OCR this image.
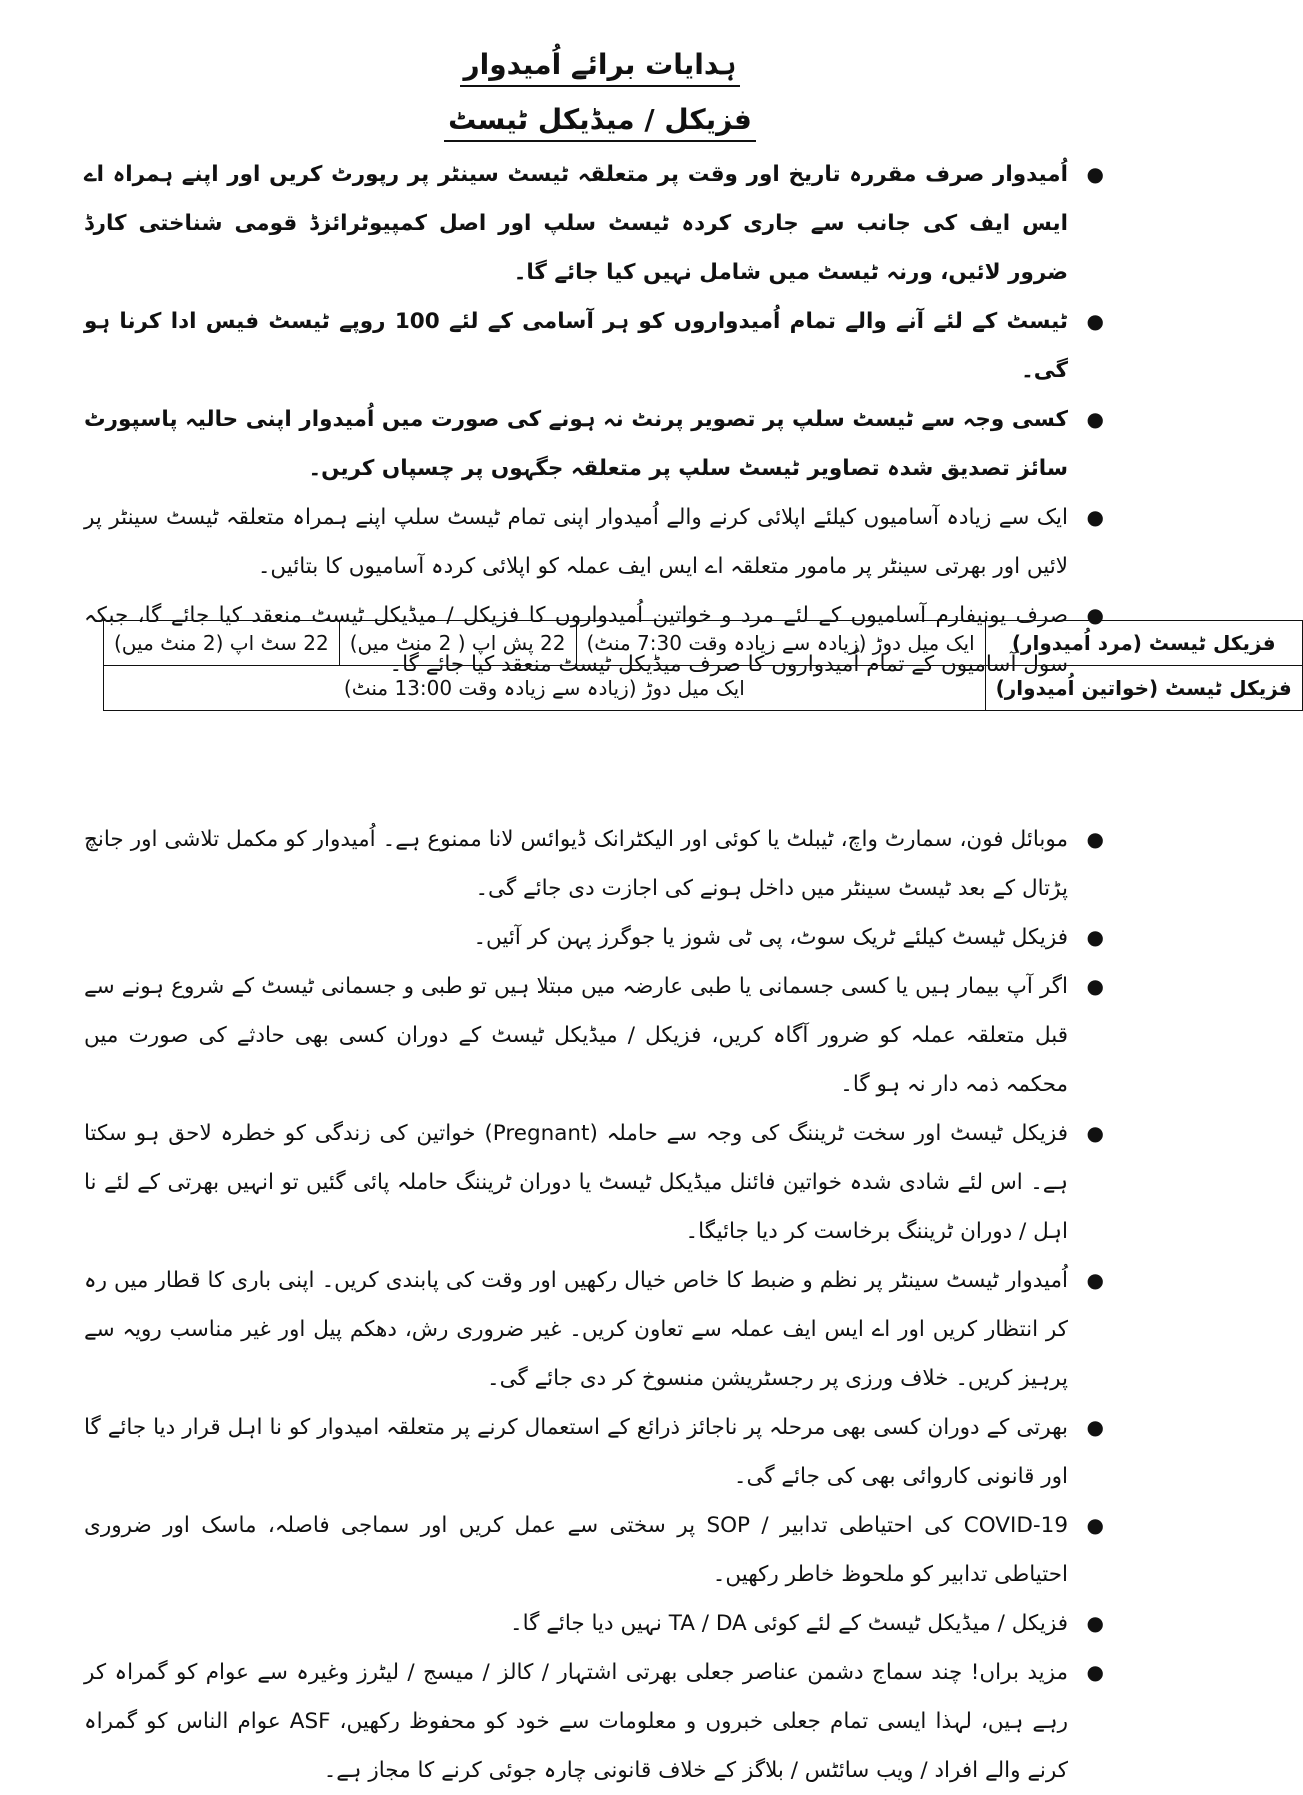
ہدایات برائے اُمیدوار
فزیکل / میڈیکل ٹیسٹ
●
اُمیدوار صرف مقررہ تاریخ اور وقت پر متعلقہ ٹیسٹ سینٹر پر رپورٹ کریں اور اپنے ہمراہ اے ایس ایف کی جانب سے جاری کردہ ٹیسٹ سلپ اور اصل کمپیوٹرائزڈ قومی شناختی کارڈ ضرور لائیں، ورنہ ٹیسٹ میں شامل نہیں کیا جائے گا۔
●
ٹیسٹ کے لئے آنے والے تمام اُمیدواروں کو ہر آسامی کے لئے 100 روپے ٹیسٹ فیس ادا کرنا ہو گی۔
●
کسی وجہ سے ٹیسٹ سلپ پر تصویر پرنٹ نہ ہونے کی صورت میں اُمیدوار اپنی حالیہ پاسپورٹ سائز تصدیق شدہ تصاویر ٹیسٹ سلپ پر متعلقہ جگہوں پر چسپاں کریں۔
●
ایک سے زیادہ آسامیوں کیلئے اپلائی کرنے والے اُمیدوار اپنی تمام ٹیسٹ سلپ اپنے ہمراہ متعلقہ ٹیسٹ سینٹر پر لائیں اور بھرتی سینٹر پر مامور متعلقہ اے ایس ایف عملہ کو اپلائی کردہ آسامیوں کا بتائیں۔
●
صرف یونیفارم آسامیوں کے لئے مرد و خواتین اُمیدواروں کا فزیکل / میڈیکل ٹیسٹ منعقد کیا جائے گا، جبکہ سول آسامیوں کے تمام اُمیدواروں کا صرف میڈیکل ٹیسٹ منعقد کیا جائے گا۔
●
موبائل فون، سمارٹ واچ، ٹیبلٹ یا کوئی اور الیکٹرانک ڈیوائس لانا ممنوع ہے۔ اُمیدوار کو مکمل تلاشی اور جانچ پڑتال کے بعد ٹیسٹ سینٹر میں داخل ہونے کی اجازت دی جائے گی۔
●
فزیکل ٹیسٹ کیلئے ٹریک سوٹ، پی ٹی شوز یا جوگرز پہن کر آئیں۔
●
اگر آپ بیمار ہیں یا کسی جسمانی یا طبی عارضہ میں مبتلا ہیں تو طبی و جسمانی ٹیسٹ کے شروع ہونے سے قبل متعلقہ عملہ کو ضرور آگاہ کریں، فزیکل / میڈیکل ٹیسٹ کے دوران کسی بھی حادثے کی صورت میں محکمہ ذمہ دار نہ ہو گا۔
●
فزیکل ٹیسٹ اور سخت ٹریننگ کی وجہ سے حاملہ (Pregnant) خواتین کی زندگی کو خطرہ لاحق ہو سکتا ہے۔ اس لئے شادی شدہ خواتین فائنل میڈیکل ٹیسٹ یا دوران ٹریننگ حاملہ پائی گئیں تو انہیں بھرتی کے لئے نا اہل / دوران ٹریننگ برخاست کر دیا جائیگا۔
●
اُمیدوار ٹیسٹ سینٹر پر نظم و ضبط کا خاص خیال رکھیں اور وقت کی پابندی کریں۔ اپنی باری کا قطار میں رہ کر انتظار کریں اور اے ایس ایف عملہ سے تعاون کریں۔ غیر ضروری رش، دھکم پیل اور غیر مناسب رویہ سے پرہیز کریں۔ خلاف ورزی پر رجسٹریشن منسوخ کر دی جائے گی۔
●
بھرتی کے دوران کسی بھی مرحلہ پر ناجائز ذرائع کے استعمال کرنے پر متعلقہ امیدوار کو نا اہل قرار دیا جائے گا اور قانونی کاروائی بھی کی جائے گی۔
●
COVID-19 کی احتیاطی تدابیر / SOP پر سختی سے عمل کریں اور سماجی فاصلہ، ماسک اور ضروری احتیاطی تدابیر کو ملحوظ خاطر رکھیں۔
●
فزیکل / میڈیکل ٹیسٹ کے لئے کوئی TA / DA نہیں دیا جائے گا۔
●
مزید براں! چند سماج دشمن عناصر جعلی بھرتی اشتہار / کالز / میسج / لیٹرز وغیرہ سے عوام کو گمراہ کر رہے ہیں، لہذا ایسی تمام جعلی خبروں و معلومات سے خود کو محفوظ رکھیں، ASF عوام الناس کو گمراہ کرنے والے افراد / ویب سائٹس / بلاگز کے خلاف قانونی چارہ جوئی کرنے کا مجاز ہے۔
فزیکل ٹیسٹ (مرد اُمیدوار)	ایک میل دوڑ (زیادہ سے زیادہ وقت 7:30 منٹ)	22 پش اپ ( 2 منٹ میں)	22 سٹ اپ (2 منٹ میں)
فزیکل ٹیسٹ (خواتین اُمیدوار)	ایک میل دوڑ (زیادہ سے زیادہ وقت 13:00 منٹ)		
